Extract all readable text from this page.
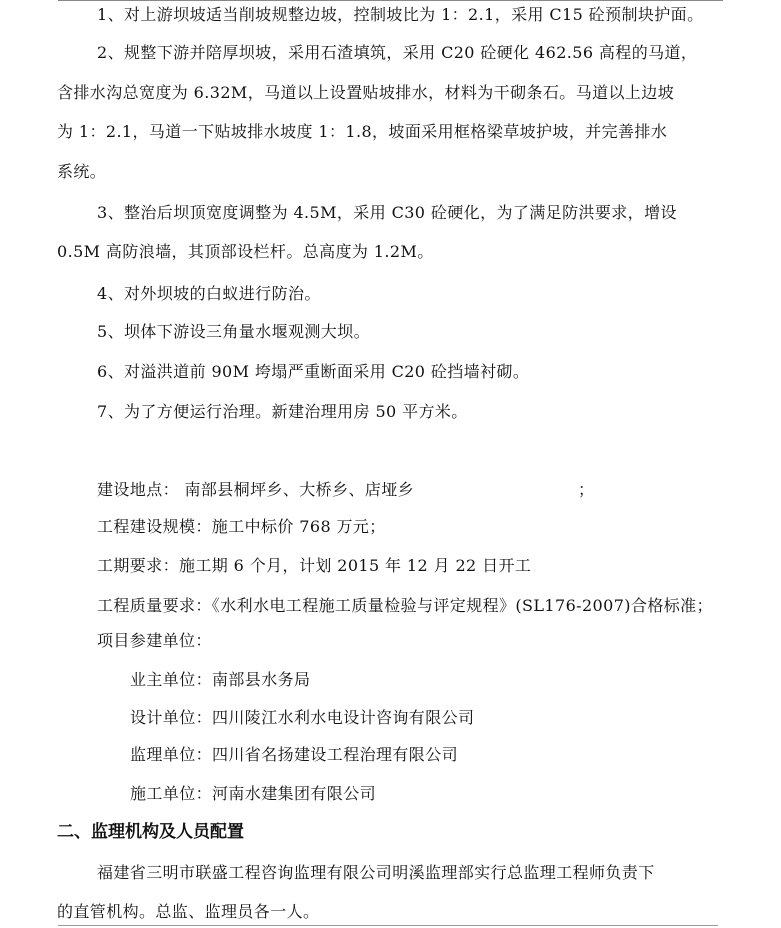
1、对上游坝坡适当削坡规整边坡，控制坡比为 1：2.1，采用 C15 砼预制块护面。
2、规整下游并陪厚坝坡，采用石渣填筑，采用 C20 砼硬化 462.56 高程的马道，
含排水沟总宽度为 6.32M，马道以上设置贴坡排水，材料为干砌条石。马道以上边坡
为 1：2.1，马道一下贴坡排水坡度 1：1.8，坡面采用框格梁草坡护坡，并完善排水
系统。
3、整治后坝顶宽度调整为 4.5M，采用 C30 砼硬化，为了满足防洪要求，增设
0.5M 高防浪墙，其顶部设栏杆。总高度为 1.2M。
4、对外坝坡的白蚁进行防治。
5、坝体下游设三角量水堰观测大坝。
6、对溢洪道前 90M 垮塌严重断面采用 C20 砼挡墙衬砌。
7、为了方便运行治理。新建治理用房 50 平方米。
建设地点： 南部县桐坪乡、大桥乡、店垭乡	；
工程建设规模：施工中标价 768 万元；
工期要求：施工期 6 个月，计划 2015 年 12 月 22 日开工
工程质量要求：《水利水电工程施工质量检验与评定规程》(SL176-2007)合格标准；
项目参建单位：
业主单位：南部县水务局
设计单位：四川陵江水利水电设计咨询有限公司
监理单位：四川省名扬建设工程治理有限公司
施工单位：河南水建集团有限公司
二、监理机构及人员配置
福建省三明市联盛工程咨询监理有限公司明溪监理部实行总监理工程师负责下
的直管机构。总监、监理员各一人。
